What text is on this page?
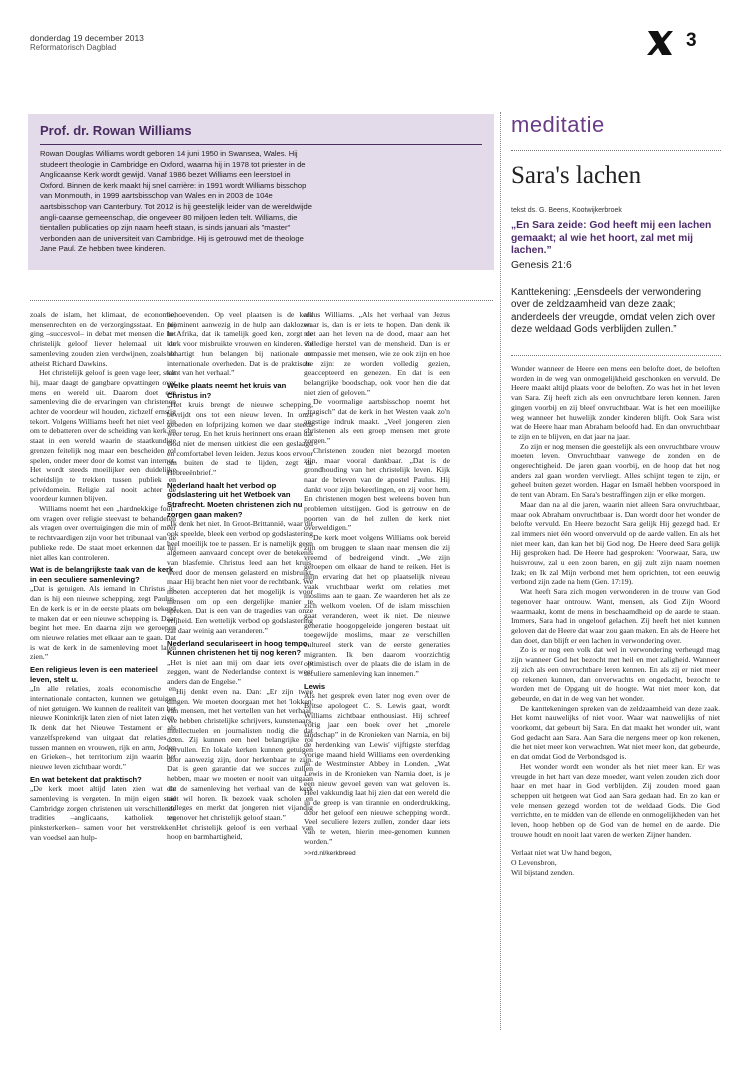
donderdag 19 december 2013
Reformatorisch Dagblad	3
Prof. dr. Rowan Williams

Rowan Douglas Williams wordt geboren 14 juni 1950 in Swansea, Wales. Hij studeert theologie in Cambridge en Oxford, waarna hij in 1978 tot priester in de Anglicaanse Kerk wordt gewijd. Vanaf 1986 bezet Williams een leerstoel in Oxford. Binnen de kerk maakt hij snel carrière: in 1991 wordt Williams bisschop van Monmouth, in 1999 aartsbisschop van Wales en in 2003 de 104e aartsbisschop van Canterbury. Tot 2012 is hij geestelijk leider van de wereldwijde angli-caanse gemeenschap, die ongeveer 80 miljoen leden telt. Williams, die tientallen publicaties op zijn naam heeft staan, is sinds januari als "master" verbonden aan de universiteit van Cambridge. Hij is getrouwd met de theologe Jane Paul. Ze hebben twee kinderen.

zoals de islam, het klimaat, de economie, mensenrechten en de verzorgingsstaat. En hij ging –succesvol– in debat met mensen die het christelijk geloof liever helemaal uit de samenleving zouden zien verdwijnen, zoals de atheist Richard Dawkins.

Het christelijk geloof is geen vage leer, stelt hij, maar daagt de gangbare opvattingen over mens en wereld uit. Daarom doet een samenleving die de ervaringen van christenen achter de voordeur wil houden, zichzelf ernstig tekort. Volgens Williams heeft het niet veel zin om te debatteren over de scheiding van kerk en staat in een wereld waarin de staatkundige grenzen feitelijk nog maar een bescheiden rol spelen, onder meer door de komst van internet. Het wordt steeds moeilijker een duidelijke scheidslijn te trekken tussen publiek en privédomein. Religie zal nooit achter de voordeur kunnen blijven.

Williams noemt het een „hardnekkige fout” om vragen over religie steevast te behandelen als vragen over overtuigingen die min of meer te rechtvaardigen zijn voor het tribunaal van de publieke rede. De staat moet erkennen dat hij niet alles kan controleren.

Wat is de belangrijkste taak van de kerk in een seculiere samenleving?

„Dat is getuigen. Als iemand in Christus is, dan is hij een nieuwe schepping, zegt Paulus. En de kerk is er in de eerste plaats om bekend te maken dat er een nieuwe schepping is. Daar begint het mee. En daarna zijn we geroepen om nieuwe relaties met elkaar aan te gaan. Dat is wat de kerk in de samenleving moet laten zien.”

Een religieus leven is een materieel leven, stelt u.

„In alle relaties, zoals economische en internationale contacten, kunnen we getuigen of niet getuigen. We kunnen de realiteit van het nieuwe Koninkrijk laten zien of niet laten zien. Ik denk dat het Nieuwe Testament er als vanzelfsprekend van uitgaat dat relaties –tussen mannen en vrouwen, rijk en arm, Joden en Grieken–, het territorium zijn waarin het nieuwe leven zichtbaar wordt.”

En wat betekent dat praktisch?

„De kerk moet altijd laten zien wat de samenleving is vergeten. In mijn eigen stad Cambridge zorgen christenen uit verschillende tradities –anglicaans, katholiek en pinksterkerken– samen voor het verstrekken van voedsel aan hulp-

behoevenden. Op veel plaatsen is de kerk prominent aanwezig in de hulp aan daklozen. In Afrika, dat ik tamelijk goed ken, zorgt de kerk voor misbruikte vrouwen en kinderen. Ze behartigt hun belangen bij nationale en internationale overheden. Dat is de praktische kant van het verhaal.”

Welke plaats neemt het kruis van Christus in?

„Het kruis brengt de nieuwe schepping, bevrijdt ons tot een nieuw leven. In onze gebeden en lofprijzing komen we daar steeds weer terug. En het kruis herinnert ons eraan dat God niet de mensen uitkiest die een geslaagd en comfortabel leven leiden. Jezus koos ervoor om buiten de stad te lijden, zegt de Hebreeënbrief.”

Nederland haalt het verbod op godslastering uit het Wetboek van Strafrecht. Moeten christenen zich nu zorgen gaan maken?

„Ik denk het niet. In Groot-Brittannië, waar dit ook speelde, bleek een verbod op godslastering heel moeilijk toe te passen. Er is namelijk geen algemeen aanvaard concept over de betekenis van blasfemie. Christus leed aan het kruis, werd door de mensen gelasterd en misbruikt, maar Hij bracht hen niet voor de rechtbank. We moeten accepteren dat het mogelijk is voor mensen om op een dergelijke manier te spreken. Dat is een van de tragedies van onze vrijheid. Een wettelijk verbod op godslastering zal daar weinig aan veranderen.”

Nederland seculariseert in hoog tempo. Kunnen christenen het tij nog keren?

„Het is niet aan mij om daar iets over te zeggen, want de Nederlandse context is weer anders dan de Engelse.”

Hij denkt even na. Dan: „Er zijn twee dingen. We moeten doorgaan met het 'lokken' van mensen, met het vertellen van het verhaal. We hebben christelijke schrijvers, kunstenaars, intellectuelen en journalisten nodig die dat doen. Zij kunnen een heel belangrijke rol vervullen. En lokale kerken kunnen getuigen door aanwezig zijn, door herkenbaar te zijn. Dat is geen garantie dat we succes zullen hebben, maar we moeten er nooit van uitgaan dat de samenleving het verhaal van de kerk niet wil horen. Ik bezoek vaak scholen en colleges en merkt dat jongeren niet vijandig tegenover het christelijk geloof staan.”

Het christelijk geloof is een verhaal van hoop en barmhartigheid,

aldus Williams. „Als het verhaal van Jezus waar is, dan is er iets te hopen. Dan denk ik niet aan het leven na de dood, maar aan het volledige herstel van de mensheid. Dan is er compassie met mensen, wie ze ook zijn en hoe ze zijn: ze worden volledig gezien, geaccepteerd en genezen. En dat is een belangrijke boodschap, ook voor hen die dat niet zien of geloven.”

De voormalige aartsbisschop noemt het „tragisch” dat de kerk in het Westen vaak zo'n angstige indruk maakt. „Veel jongeren zien christenen als een groep mensen met grote zorgen.”

Christenen zouden niet bezorgd moeten zijn, maar vooral dankbaar. „Dat is de grondhouding van het christelijk leven. Kijk naar de brieven van de apostel Paulus. Hij dankt voor zijn bekeerlingen, en zij voor hem. En christenen mogen best weleens boven hun problemen uitstijgen. God is getrouw en de poorten van de hel zullen de kerk niet overweldigen.”

De kerk moet volgens Williams ook bereid zijn om bruggen te slaan naar mensen die zij vreemd of bedreigend vindt. „We zijn geroepen om elkaar de hand te reiken. Het is mijn ervaring dat het op plaatselijk niveau vaak vruchtbaar werkt om relaties met moslims aan te gaan. Ze waarderen het als ze zich welkom voelen. Of de islam misschien gaat veranderen, weet ik niet. De nieuwe generatie hoogopgeleide jongeren bestaat uit toegewijde moslims, maar ze verschillen cultureel sterk van de eerste generaties migranten. Ik ben daarom voorzichtig optimistisch over de plaats die de islam in de seculiere samenleving kan innemen.”

Lewis

Als het gesprek even later nog even over de Britse apologeet C. S. Lewis gaat, wordt Williams zichtbaar enthousiast. Hij schreef vorig jaar een boek over het „morele landschap” in de Kronieken van Narnia, en bij de herdenking van Lewis' vijftigste sterfdag vorige maand hield Williams een overdenking in de Westminster Abbey in Londen. „Wat Lewis in de Kronieken van Narnia doet, is je een nieuw gevoel geven van wat geloven is. Heel vakkundig laat hij zien dat een wereld die in de greep is van tirannie en onderdrukking, door het geloof een nieuwe schepping wordt. Veel seculiere lezers zullen, zonder daar iets van te weten, hierin mee-genomen kunnen worden.”

>>rd.nl/kerkbreed
meditatie
Sara's lachen
tekst ds. G. Beens, Kootwijkerbroek
„En Sara zeide: God heeft mij een lachen gemaakt; al wie het hoort, zal met mij lachen.”
Genesis 21:6
Kanttekening: „Eensdeels der verwondering over de zeldzaamheid van deze zaak; anderdeels der vreugde, omdat velen zich over deze weldaad Gods verblijden zullen.”

Wonder wanneer de Heere een mens een belofte doet, de beloften worden in de weg van onmogelijkheid geschonken en vervuld. De Heere maakt altijd plaats voor de beloften. Zo was het in het leven van Sara. Zij heeft zich als een onvruchtbare leren kennen. Jaren gingen voorbij en zij bleef onvruchtbaar. Wat is het een moeilijke weg wanneer het huwelijk zonder kinderen blijft. Ook Sara wist wat de Heere haar man Abraham beloofd had. En dan onvruchtbaar te zijn en te blijven, en dat jaar na jaar.

Zo zijn er nog mensen die geestelijk als een onvruchtbare vrouw moeten leven. Onvruchtbaar vanwege de zonden en de ongerechtigheid. De jaren gaan voorbij, en de hoop dat het nog anders zal gaan worden vervliegt. Alles schijnt tegen te zijn, er geheel buiten gezet worden. Hagar en Ismaël hebben voorspoed in de tent van Abram. En Sara's bestraffingen zijn er elke morgen.

Maar dan na al die jaren, waarin niet alleen Sara onvruchtbaar, maar ook Abraham onvruchtbaar is. Dan wordt door het wonder de belofte vervuld. En Heere bezocht Sara gelijk Hij gezegd had. Er zal immers niet één woord onvervuld op de aarde vallen. En als het niet meer kan, dan kan het bij God nog. De Heere deed Sara gelijk Hij gesproken had. De Heere had gesproken: 'Voorwaar, Sara, uw huisvrouw, zal u een zoon baren, en gij zult zijn naam noemen Izak; en Ik zal Mijn verbond met hem oprichten, tot een eeuwig verbond zijn zade na hem (Gen. 17:19).

Wat heeft Sara zich mogen verwonderen in de trouw van God tegenover haar ontrouw. Want, mensen, als God Zijn Woord waarmaakt, komt de mens in beschaamdheid op de aarde te staan. Immers, Sara had in ongeloof gelachen. Zij heeft het niet kunnen geloven dat de Heere dat waar zou gaan maken. En als de Heere het dan doet, dan blijft er een lachen in verwondering over.

Zo is er nog een volk dat wel in verwondering verheugd mag zijn wanneer God het bezocht met heil en met zaligheid. Wanneer zij zich als een onvruchtbare leren kennen. En als zij er niet meer op rekenen kunnen, dan onverwachts en ongedacht, bezocht te worden met de Opgang uit de hoogte. Wat niet meer kon, dat gebeurde, en dat in de weg van het wonder.

De kanttekeningen spreken van de zeldzaamheid van deze zaak. Het komt nauwelijks of niet voor. Waar wat nauwelijks of niet voorkomt, dat gebeurt bij Sara. En dat maakt het wonder uit, want God gedacht aan Sara. Aan Sara die nergens meer op kon rekenen, die het niet meer kon verwachten. Wat niet meer kon, dat gebeurde, en dat omdat God de Verbondsgod is.

Het wonder wordt een wonder als het niet meer kan. Er was vreugde in het hart van deze moeder, want velen zouden zich door haar en met haar in God verblijden. Zij zouden moed gaan scheppen uit hetgeen wat God aan Sara gedaan had. En zo kan er vele mensen gezegd worden tot de weldaad Gods. Die God verrichtte, en te midden van de ellende en onmogelijkheden van het leven, hoop hebben op de God van de hemel en de aarde. Die trouwe houdt en nooit laat varen de werken Zijner handen.

Verlaat niet wat Uw hand begon,

O Levensbron,

Wil bijstand zenden.
